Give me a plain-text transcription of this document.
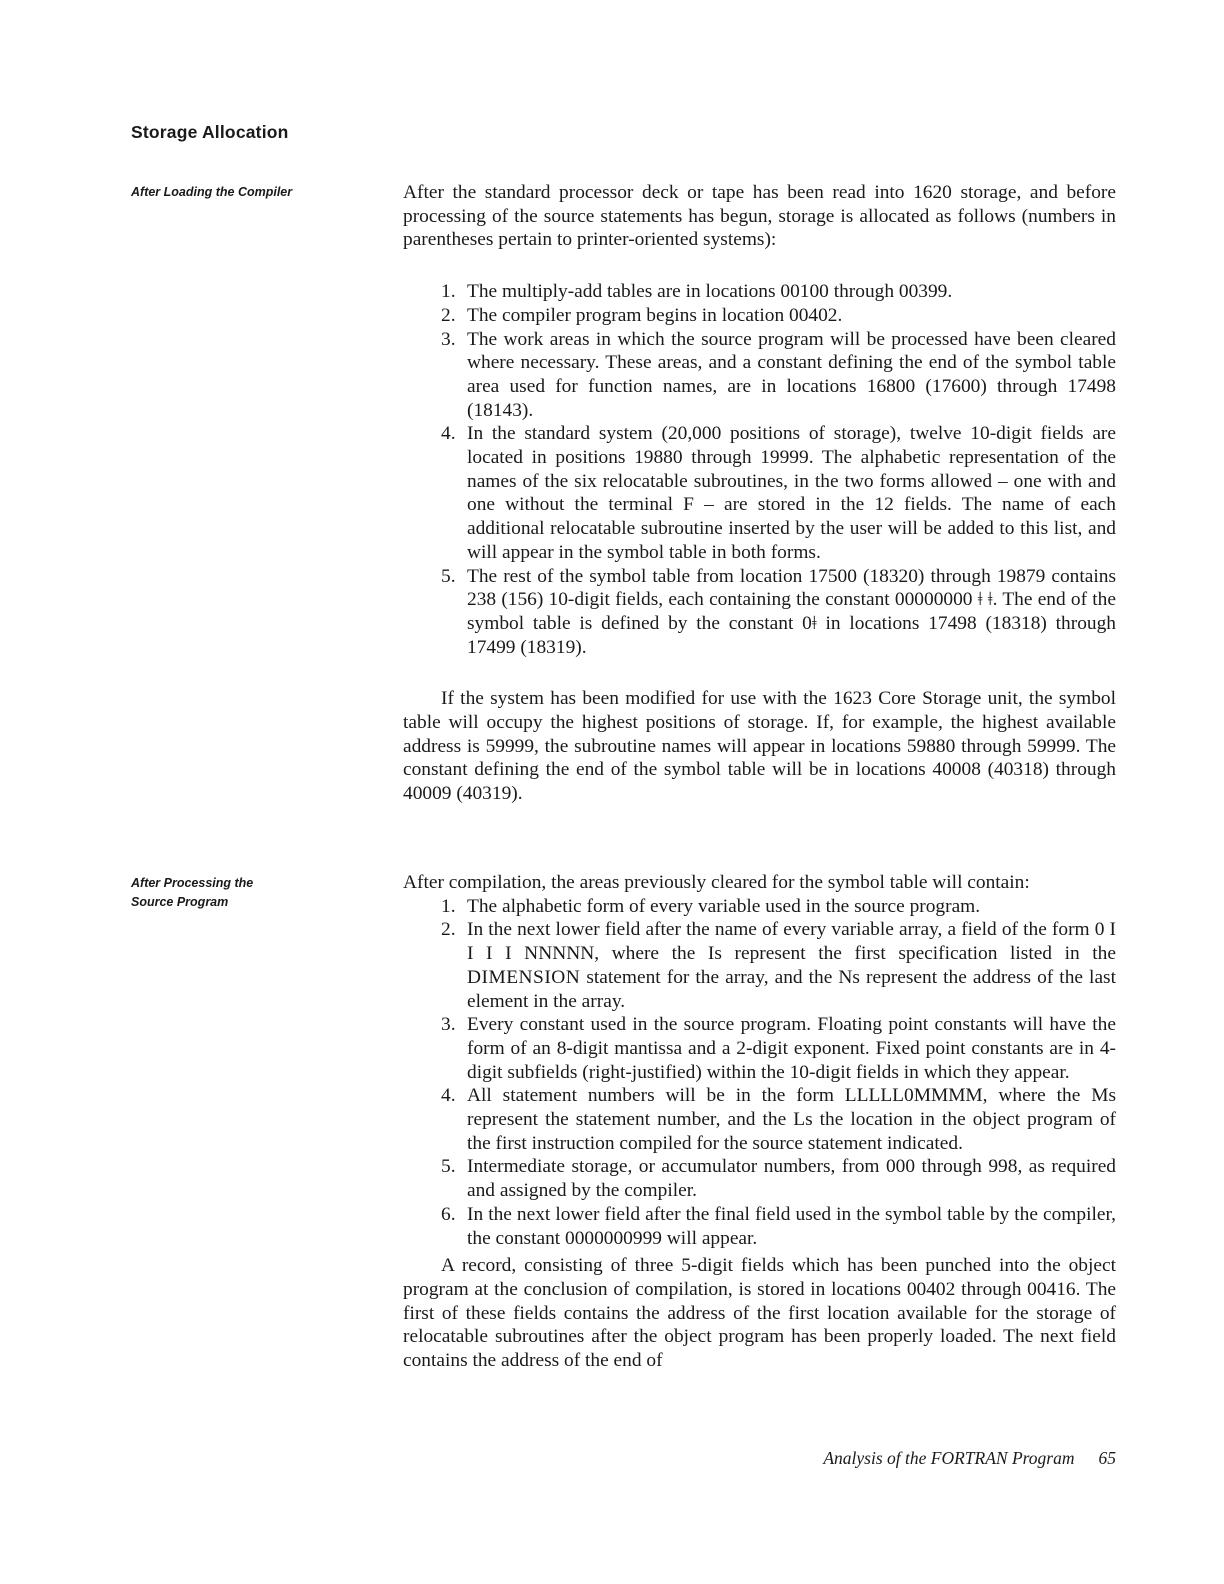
Storage Allocation
After Loading the Compiler
After Processing the
Source Program

After the standard processor deck or tape has been read into 1620 storage, and before processing of the source statements has begun, storage is allocated as follows (numbers in parentheses pertain to printer-oriented systems):

1. The multiply-add tables are in locations 00100 through 00399.
2. The compiler program begins in location 00402.
3. The work areas in which the source program will be processed have been cleared where necessary. These areas, and a constant defining the end of the symbol table area used for function names, are in locations 16800 (17600) through 17498 (18143).
4. In the standard system (20,000 positions of storage), twelve 10-digit fields are located in positions 19880 through 19999. The alphabetic representation of the names of the six relocatable subroutines, in the two forms allowed – one with and one without the terminal F – are stored in the 12 fields. The name of each additional relocatable subroutine inserted by the user will be added to this list, and will appear in the symbol table in both forms.
5. The rest of the symbol table from location 17500 (18320) through 19879 contains 238 (156) 10-digit fields, each containing the constant 00000000 ǂ ǂ. The end of the symbol table is defined by the constant 0ǂ in locations 17498 (18318) through 17499 (18319).

If the system has been modified for use with the 1623 Core Storage unit, the symbol table will occupy the highest positions of storage. If, for example, the highest available address is 59999, the subroutine names will appear in locations 59880 through 59999. The constant defining the end of the symbol table will be in locations 40008 (40318) through 40009 (40319).

After compilation, the areas previously cleared for the symbol table will contain:

1. The alphabetic form of every variable used in the source program.
2. In the next lower field after the name of every variable array, a field of the form 0 I I I I NNNNN, where the Is represent the first specification listed in the DIMENSION statement for the array, and the Ns represent the address of the last element in the array.
3. Every constant used in the source program. Floating point constants will have the form of an 8-digit mantissa and a 2-digit exponent. Fixed point constants are in 4-digit subfields (right-justified) within the 10-digit fields in which they appear.
4. All statement numbers will be in the form LLLLL0MMMM, where the Ms represent the statement number, and the Ls the location in the object program of the first instruction compiled for the source statement indicated.
5. Intermediate storage, or accumulator numbers, from 000 through 998, as required and assigned by the compiler.
6. In the next lower field after the final field used in the symbol table by the compiler, the constant 0000000999 will appear.

A record, consisting of three 5-digit fields which has been punched into the object program at the conclusion of compilation, is stored in locations 00402 through 00416. The first of these fields contains the address of the first location available for the storage of relocatable subroutines after the object program has been properly loaded. The next field contains the address of the end of

Analysis of the FORTRAN Program 65
